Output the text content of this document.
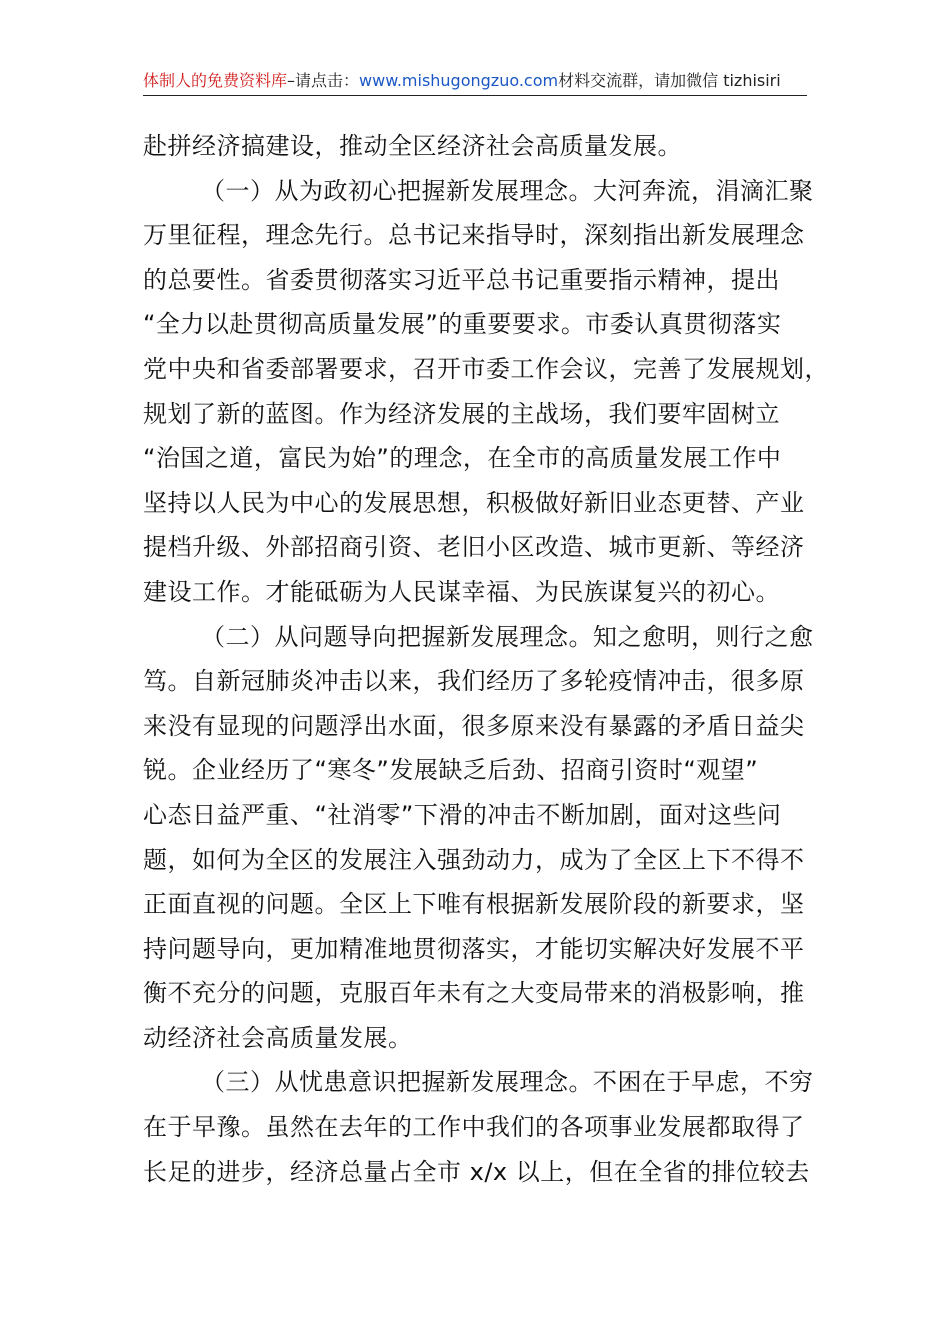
体制人的免费资料库–请点击：www.mishugongzuo.com材料交流群，请加微信 tizhisiri
赴拼经济搞建设，推动全区经济社会高质量发展。
（一）从为政初心把握新发展理念。大河奔流，涓滴汇聚
万里征程，理念先行。总书记来指导时，深刻指出新发展理念
的总要性。省委贯彻落实习近平总书记重要指示精神，提出
“全力以赴贯彻高质量发展”的重要要求。市委认真贯彻落实
党中央和省委部署要求，召开市委工作会议，完善了发展规划，
规划了新的蓝图。作为经济发展的主战场，我们要牢固树立
“治国之道，富民为始”的理念，在全市的高质量发展工作中
坚持以人民为中心的发展思想，积极做好新旧业态更替、产业
提档升级、外部招商引资、老旧小区改造、城市更新、等经济
建设工作。才能砥砺为人民谋幸福、为民族谋复兴的初心。
（二）从问题导向把握新发展理念。知之愈明，则行之愈
笃。自新冠肺炎冲击以来，我们经历了多轮疫情冲击，很多原
来没有显现的问题浮出水面，很多原来没有暴露的矛盾日益尖
锐。企业经历了“寒冬”发展缺乏后劲、招商引资时“观望”
心态日益严重、“社消零”下滑的冲击不断加剧，面对这些问
题，如何为全区的发展注入强劲动力，成为了全区上下不得不
正面直视的问题。全区上下唯有根据新发展阶段的新要求，坚
持问题导向，更加精准地贯彻落实，才能切实解决好发展不平
衡不充分的问题，克服百年未有之大变局带来的消极影响，推
动经济社会高质量发展。
（三）从忧患意识把握新发展理念。不困在于早虑，不穷
在于早豫。虽然在去年的工作中我们的各项事业发展都取得了
长足的进步，经济总量占全市 x/x 以上，但在全省的排位较去
